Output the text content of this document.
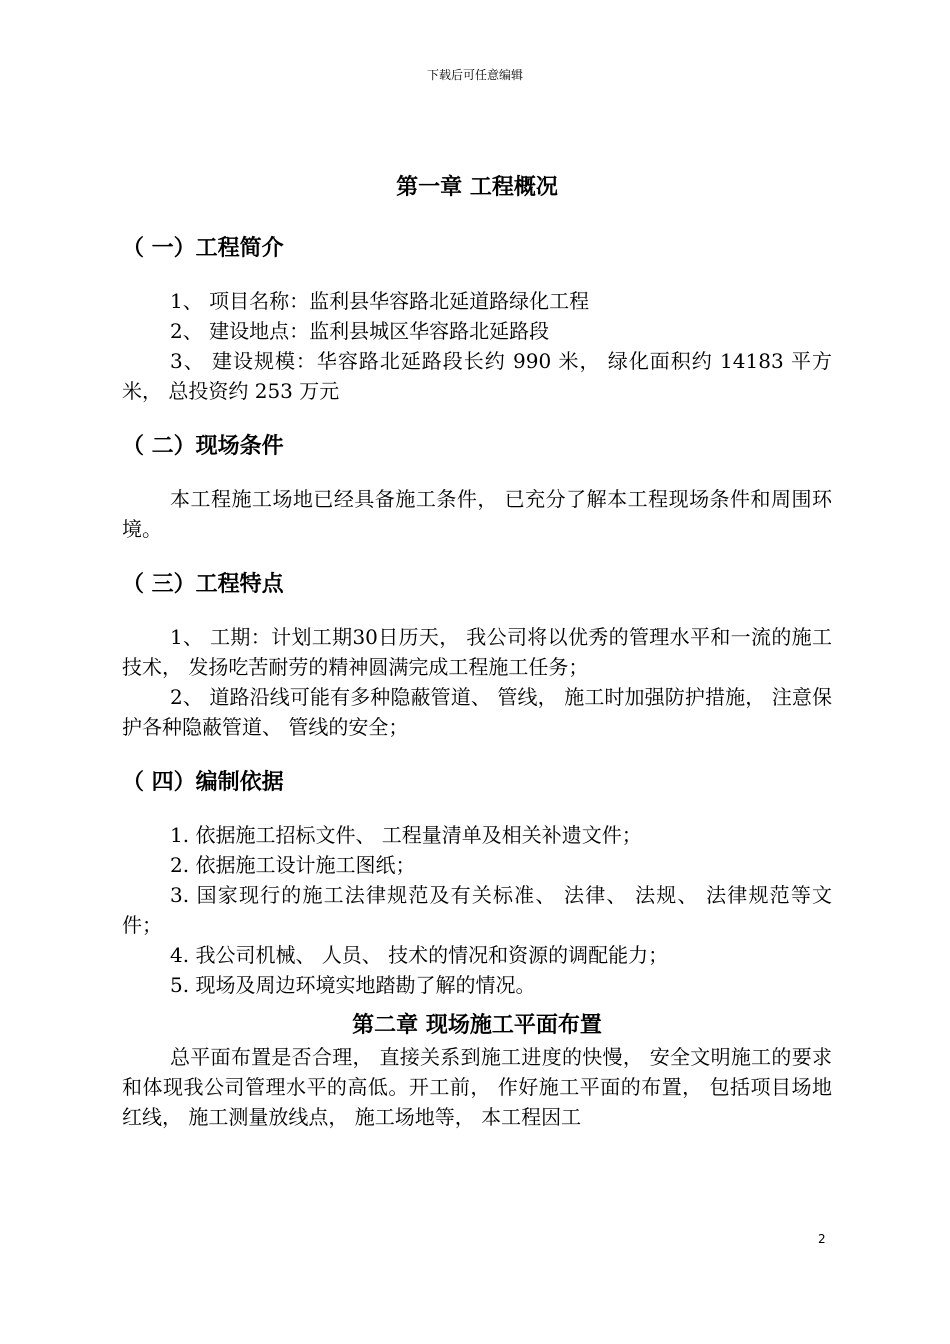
下载后可任意编辑
第一章 工程概况
（ 一）工程简介

1、 项目名称：监利县华容路北延道路绿化工程

2、 建设地点：监利县城区华容路北延路段

3、 建设规模：华容路北延路段长约 990 米， 绿化面积约 14183 平方米， 总投资约 253 万元

（ 二）现场条件

本工程施工场地已经具备施工条件， 已充分了解本工程现场条件和周围环境。

（ 三）工程特点

1、 工期：计划工期30日历天， 我公司将以优秀的管理水平和一流的施工技术， 发扬吃苦耐劳的精神圆满完成工程施工任务；

2、 道路沿线可能有多种隐蔽管道、 管线， 施工时加强防护措施， 注意保护各种隐蔽管道、 管线的安全；

（ 四）编制依据

1. 依据施工招标文件、 工程量清单及相关补遗文件；

2. 依据施工设计施工图纸；

3. 国家现行的施工法律规范及有关标准、 法律、 法规、 法律规范等文件；

4. 我公司机械、 人员、 技术的情况和资源的调配能力；

5. 现场及周边环境实地踏勘了解的情况。

第二章 现场施工平面布置

总平面布置是否合理， 直接关系到施工进度的快慢， 安全文明施工的要求和体现我公司管理水平的高低。开工前， 作好施工平面的布置， 包括项目场地红线， 施工测量放线点， 施工场地等， 本工程因工

2
